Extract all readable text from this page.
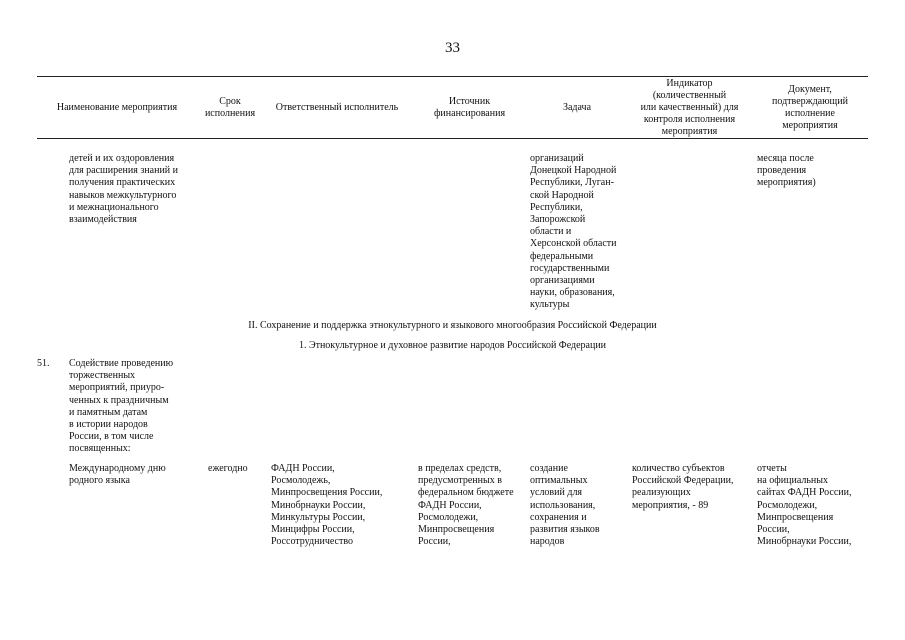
33
Наименование мероприятия
Срок
исполнения
Ответственный исполнитель
Источник
финансирования
Задача
Индикатор
(количественный
или качественный) для
контроля исполнения
мероприятия
Документ,
подтверждающий
исполнение
мероприятия
детей и их оздоровления
для расширения знаний и
получения практических
навыков межкультурного
и межнационального
взаимодействия
организаций
Донецкой Народной
Республики, Луган-
ской Народной
Республики,
Запорожской
области и
Херсонской области
федеральными
государственными
организациями
науки, образования,
культуры
месяца после
проведения
мероприятия)
II. Сохранение и поддержка этнокультурного и языкового многообразия Российской Федерации
1. Этнокультурное и духовное развитие народов Российской Федерации
51.	Содействие проведению
торжественных
мероприятий, приуро-
ченных к праздничным
и памятным датам
в истории народов
России, в том числе
посвященных:
Международному дню
родного языка
ежегодно	ФАДН России,
Росмолодежь,
Минпросвещения России,
Минобрнауки России,
Минкультуры России,
Минцифры России,
Россотрудничество
в пределах средств,
предусмотренных в
федеральном бюджете
ФАДН России,
Росмолодежи,
Минпросвещения
России,
создание
оптимальных
условий для
использования,
сохранения и
развития языков
народов
количество субъектов
Российской Федерации,
реализующих
мероприятия, - 89
отчеты
на официальных
сайтах ФАДН России,
Росмолодежи,
Минпросвещения
России,
Минобрнауки России,
